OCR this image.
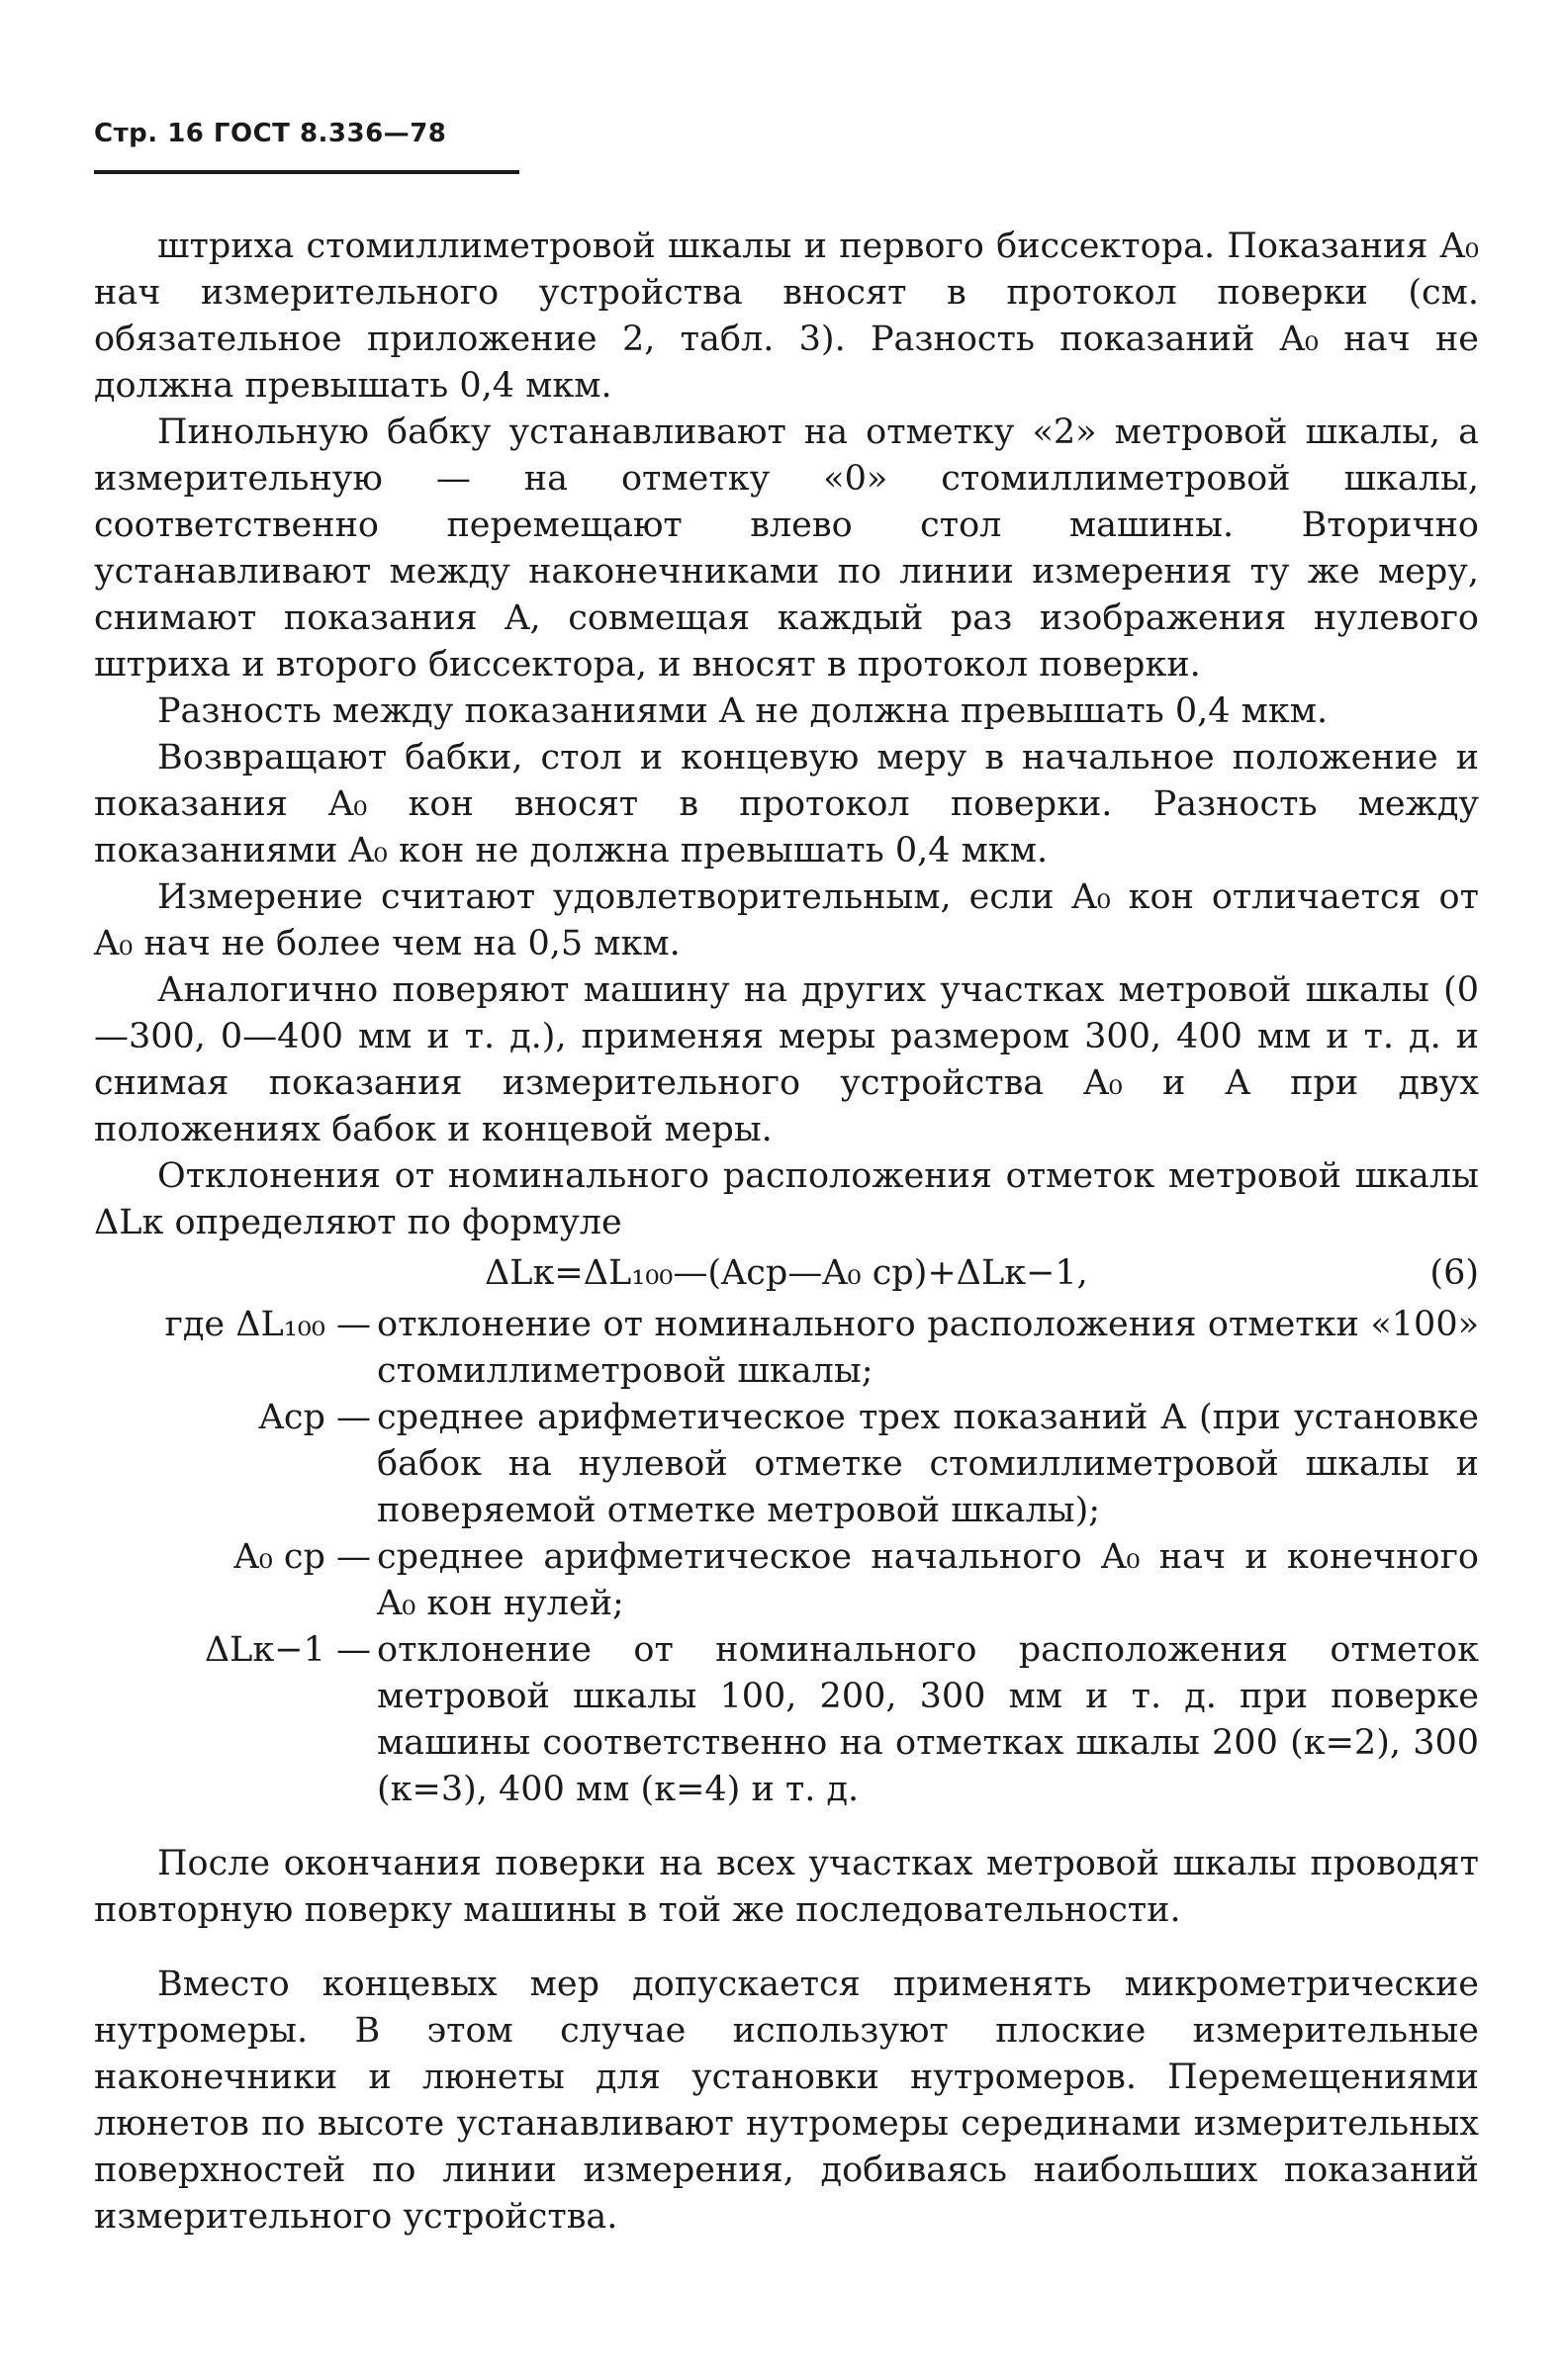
Стр. 16 ГОСТ 8.336—78

штриха стомиллиметровой шкалы и первого биссектора. Показания A₀ нач измерительного устройства вносят в протокол поверки (см. обязательное приложение 2, табл. 3). Разность показаний A₀ нач не должна превышать 0,4 мкм.

Пинольную бабку устанавливают на отметку «2» метровой шкалы, а измерительную — на отметку «0» стомиллиметровой шкалы, соответственно перемещают влево стол машины. Вторично устанавливают между наконечниками по линии измерения ту же меру, снимают показания A, совмещая каждый раз изображения нулевого штриха и второго биссектора, и вносят в протокол поверки.

Разность между показаниями A не должна превышать 0,4 мкм.

Возвращают бабки, стол и концевую меру в начальное положение и показания A₀ кон вносят в протокол поверки. Разность между показаниями A₀ кон не должна превышать 0,4 мкм.

Измерение считают удовлетворительным, если A₀ кон отличается от A₀ нач не более чем на 0,5 мкм.

Аналогично поверяют машину на других участках метровой шкалы (0—300, 0—400 мм и т. д.), применяя меры размером 300, 400 мм и т. д. и снимая показания измерительного устройства A₀ и A при двух положениях бабок и концевой меры.

Отклонения от номинального расположения отметок метровой шкалы ΔLк определяют по формуле

ΔLк=ΔL₁₀₀—(Aср—A₀ ср)+ΔLк−1,	(6)
где ΔL₁₀₀ —	отклонение от номинального расположения отметки «100» стомиллиметровой шкалы;
Aср —	среднее арифметическое трех показаний A (при установке бабок на нулевой отметке стомиллиметровой шкалы и поверяемой отметке метровой шкалы);
A₀ ср —	среднее арифметическое начального A₀ нач и конечного A₀ кон нулей;
ΔLк−1 —	отклонение от номинального расположения отметок метровой шкалы 100, 200, 300 мм и т. д. при поверке машины соответственно на отметках шкалы 200 (к=2), 300 (к=3), 400 мм (к=4) и т. д.

После окончания поверки на всех участках метровой шкалы проводят повторную поверку машины в той же последовательности.

Вместо концевых мер допускается применять микрометрические нутромеры. В этом случае используют плоские измерительные наконечники и люнеты для установки нутромеров. Перемещениями люнетов по высоте устанавливают нутромеры серединами измерительных поверхностей по линии измерения, добиваясь наибольших показаний измерительного устройства.
